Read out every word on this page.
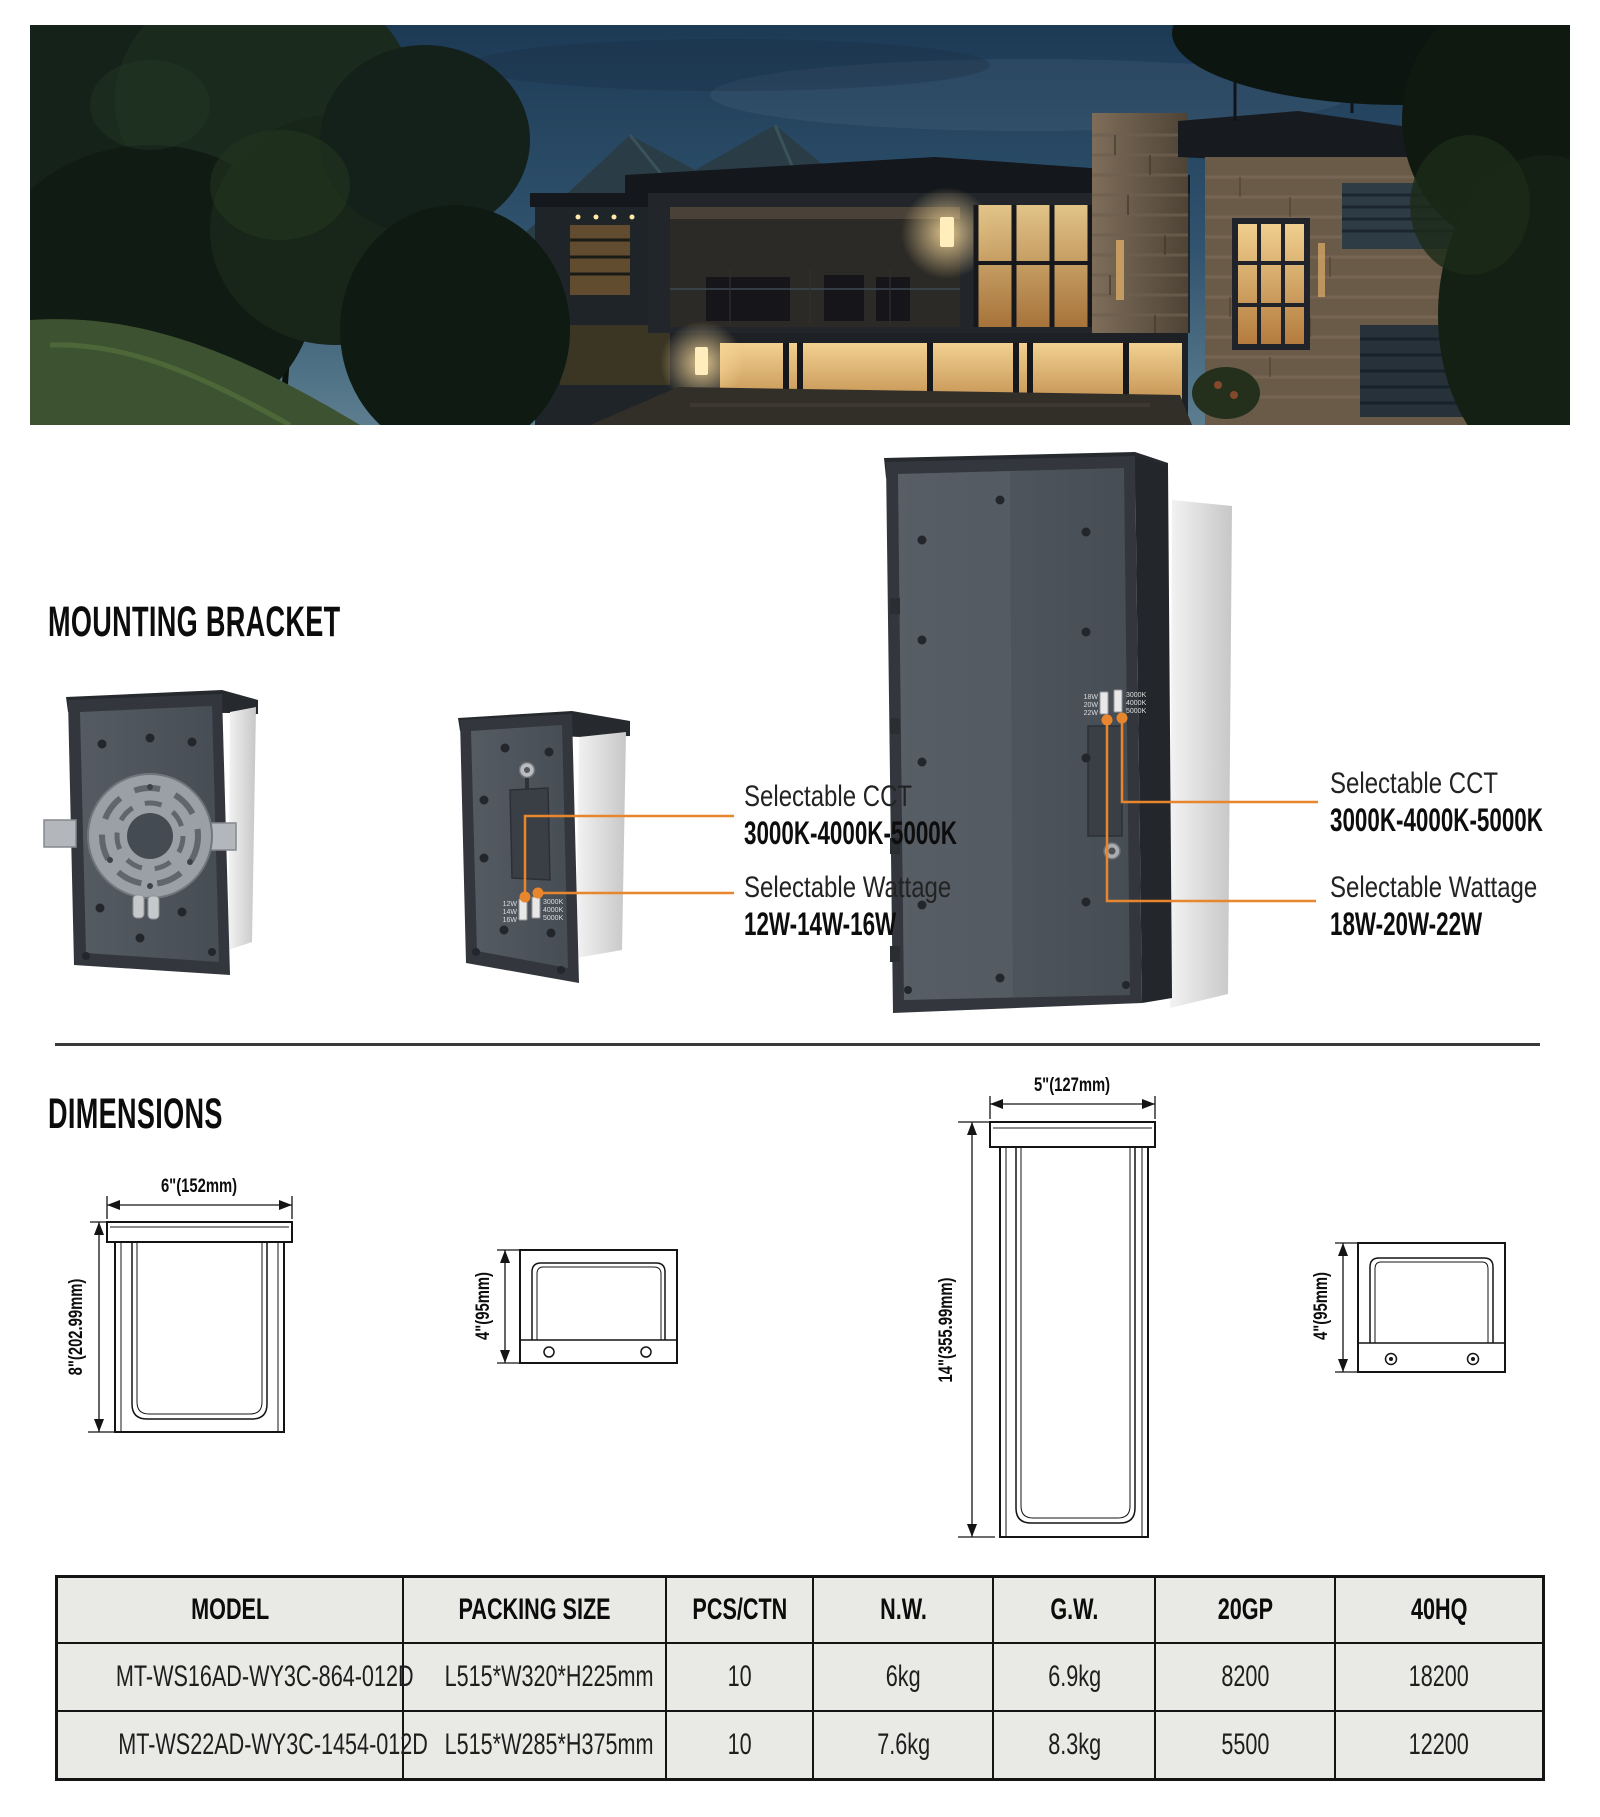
MOUNTING BRACKET
12W
14W
16W
3000K
4000K
5000K
18W
20W
22W
3000K
4000K
5000K
Selectable CCT
3000K-4000K-5000K
Selectable Wattage
12W-14W-16W
Selectable CCT
3000K-4000K-5000K
Selectable Wattage
18W-20W-22W
DIMENSIONS
6"(152mm)
8"(202.99mm)	4"(95mm)
5"(127mm)
14"(355.99mm)	4"(95mm)
MODEL	PACKING SIZE	PCS/CTN	N.W.	G.W.	20GP	40HQ
MT-WS16AD-WY3C-864-012D	L515*W320*H225mm	10	6kg	6.9kg	8200	18200
MT-WS22AD-WY3C-1454-012D	L515*W285*H375mm	10	7.6kg	8.3kg	5500	12200
